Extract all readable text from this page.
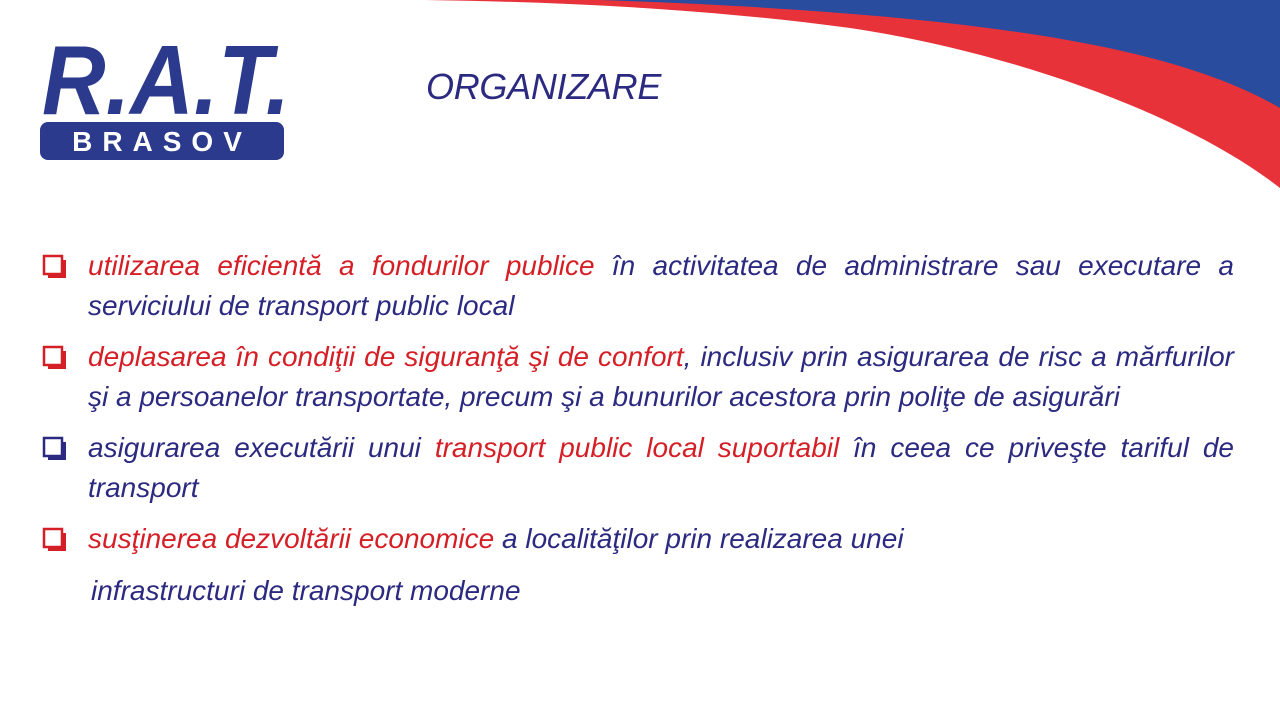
R.A.T.
BRASOV
ORGANIZARE
utilizarea eficientă a fondurilor publice în activitatea de administrare sau executare a serviciului de transport public local
deplasarea în condiţii de siguranţă şi de confort, inclusiv prin asigurarea de risc a mărfurilor şi a persoanelor transportate, precum şi a bunurilor acestora prin poliţe de asigurări
asigurarea executării unui transport public local suportabil în ceea ce priveşte tariful de transport
susţinerea dezvoltării economice a localităţilor prin realizarea unei
infrastructuri de transport moderne
